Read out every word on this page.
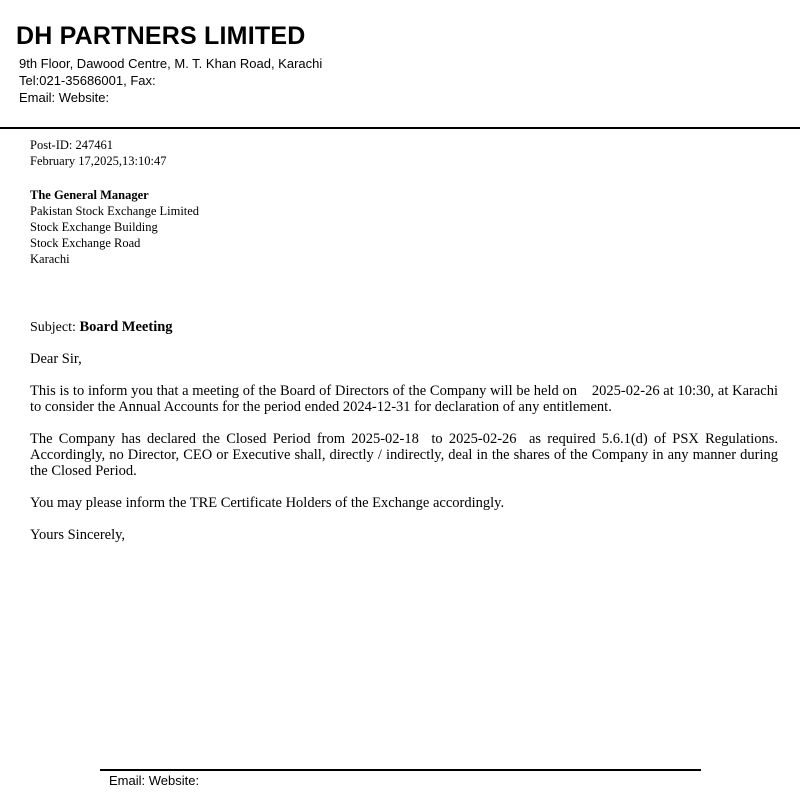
DH PARTNERS LIMITED
9th Floor, Dawood Centre, M. T. Khan Road, Karachi
Tel:021-35686001, Fax:
Email: Website:
Post-ID: 247461
February 17,2025,13:10:47
The General Manager
Pakistan Stock Exchange Limited
Stock Exchange Building
Stock Exchange Road
Karachi
Subject: Board Meeting
Dear Sir,
This is to inform you that a meeting of the Board of Directors of the Company will be held on    2025-02-26 at 10:30, at Karachi to consider the Annual Accounts for the period ended 2024-12-31 for declaration of any entitlement.
The Company has declared the Closed Period from 2025-02-18  to 2025-02-26  as required 5.6.1(d) of PSX Regulations. Accordingly, no Director, CEO or Executive shall, directly / indirectly, deal in the shares of the Company in any manner during the Closed Period.
You may please inform the TRE Certificate Holders of the Exchange accordingly.
Yours Sincerely,
Email: Website:
